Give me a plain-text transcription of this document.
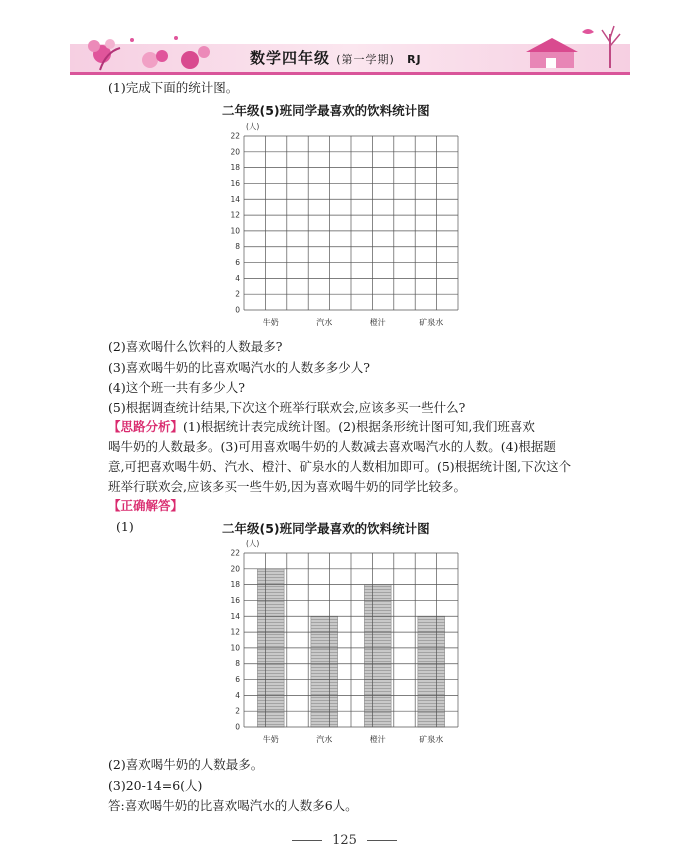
数学四年级 (第一学期) RJ
(1)完成下面的统计图。
二年级(5)班同学最喜欢的饮料统计图
(人)
0
2
4
6
8
10
12
14
16
18
20
22
牛奶	汽水	橙汁	矿泉水
(2)喜欢喝什么饮料的人数最多?
(3)喜欢喝牛奶的比喜欢喝汽水的人数多多少人?
(4)这个班一共有多少人?
(5)根据调查统计结果,下次这个班举行联欢会,应该多买一些什么?
【思路分析】(1)根据统计表完成统计图。(2)根据条形统计图可知,我们班喜欢
喝牛奶的人数最多。(3)可用喜欢喝牛奶的人数减去喜欢喝汽水的人数。(4)根据题
意,可把喜欢喝牛奶、汽水、橙汁、矿泉水的人数相加即可。(5)根据统计图,下次这个
班举行联欢会,应该多买一些牛奶,因为喜欢喝牛奶的同学比较多。
【正确解答】
(1)	二年级(5)班同学最喜欢的饮料统计图
(人)
0
2
4
6
8
10
12
14
16
18
20
22
牛奶	汽水	橙汁	矿泉水
(2)喜欢喝牛奶的人数最多。
(3)20-14=6(人)
答:喜欢喝牛奶的比喜欢喝汽水的人数多6人。
125
